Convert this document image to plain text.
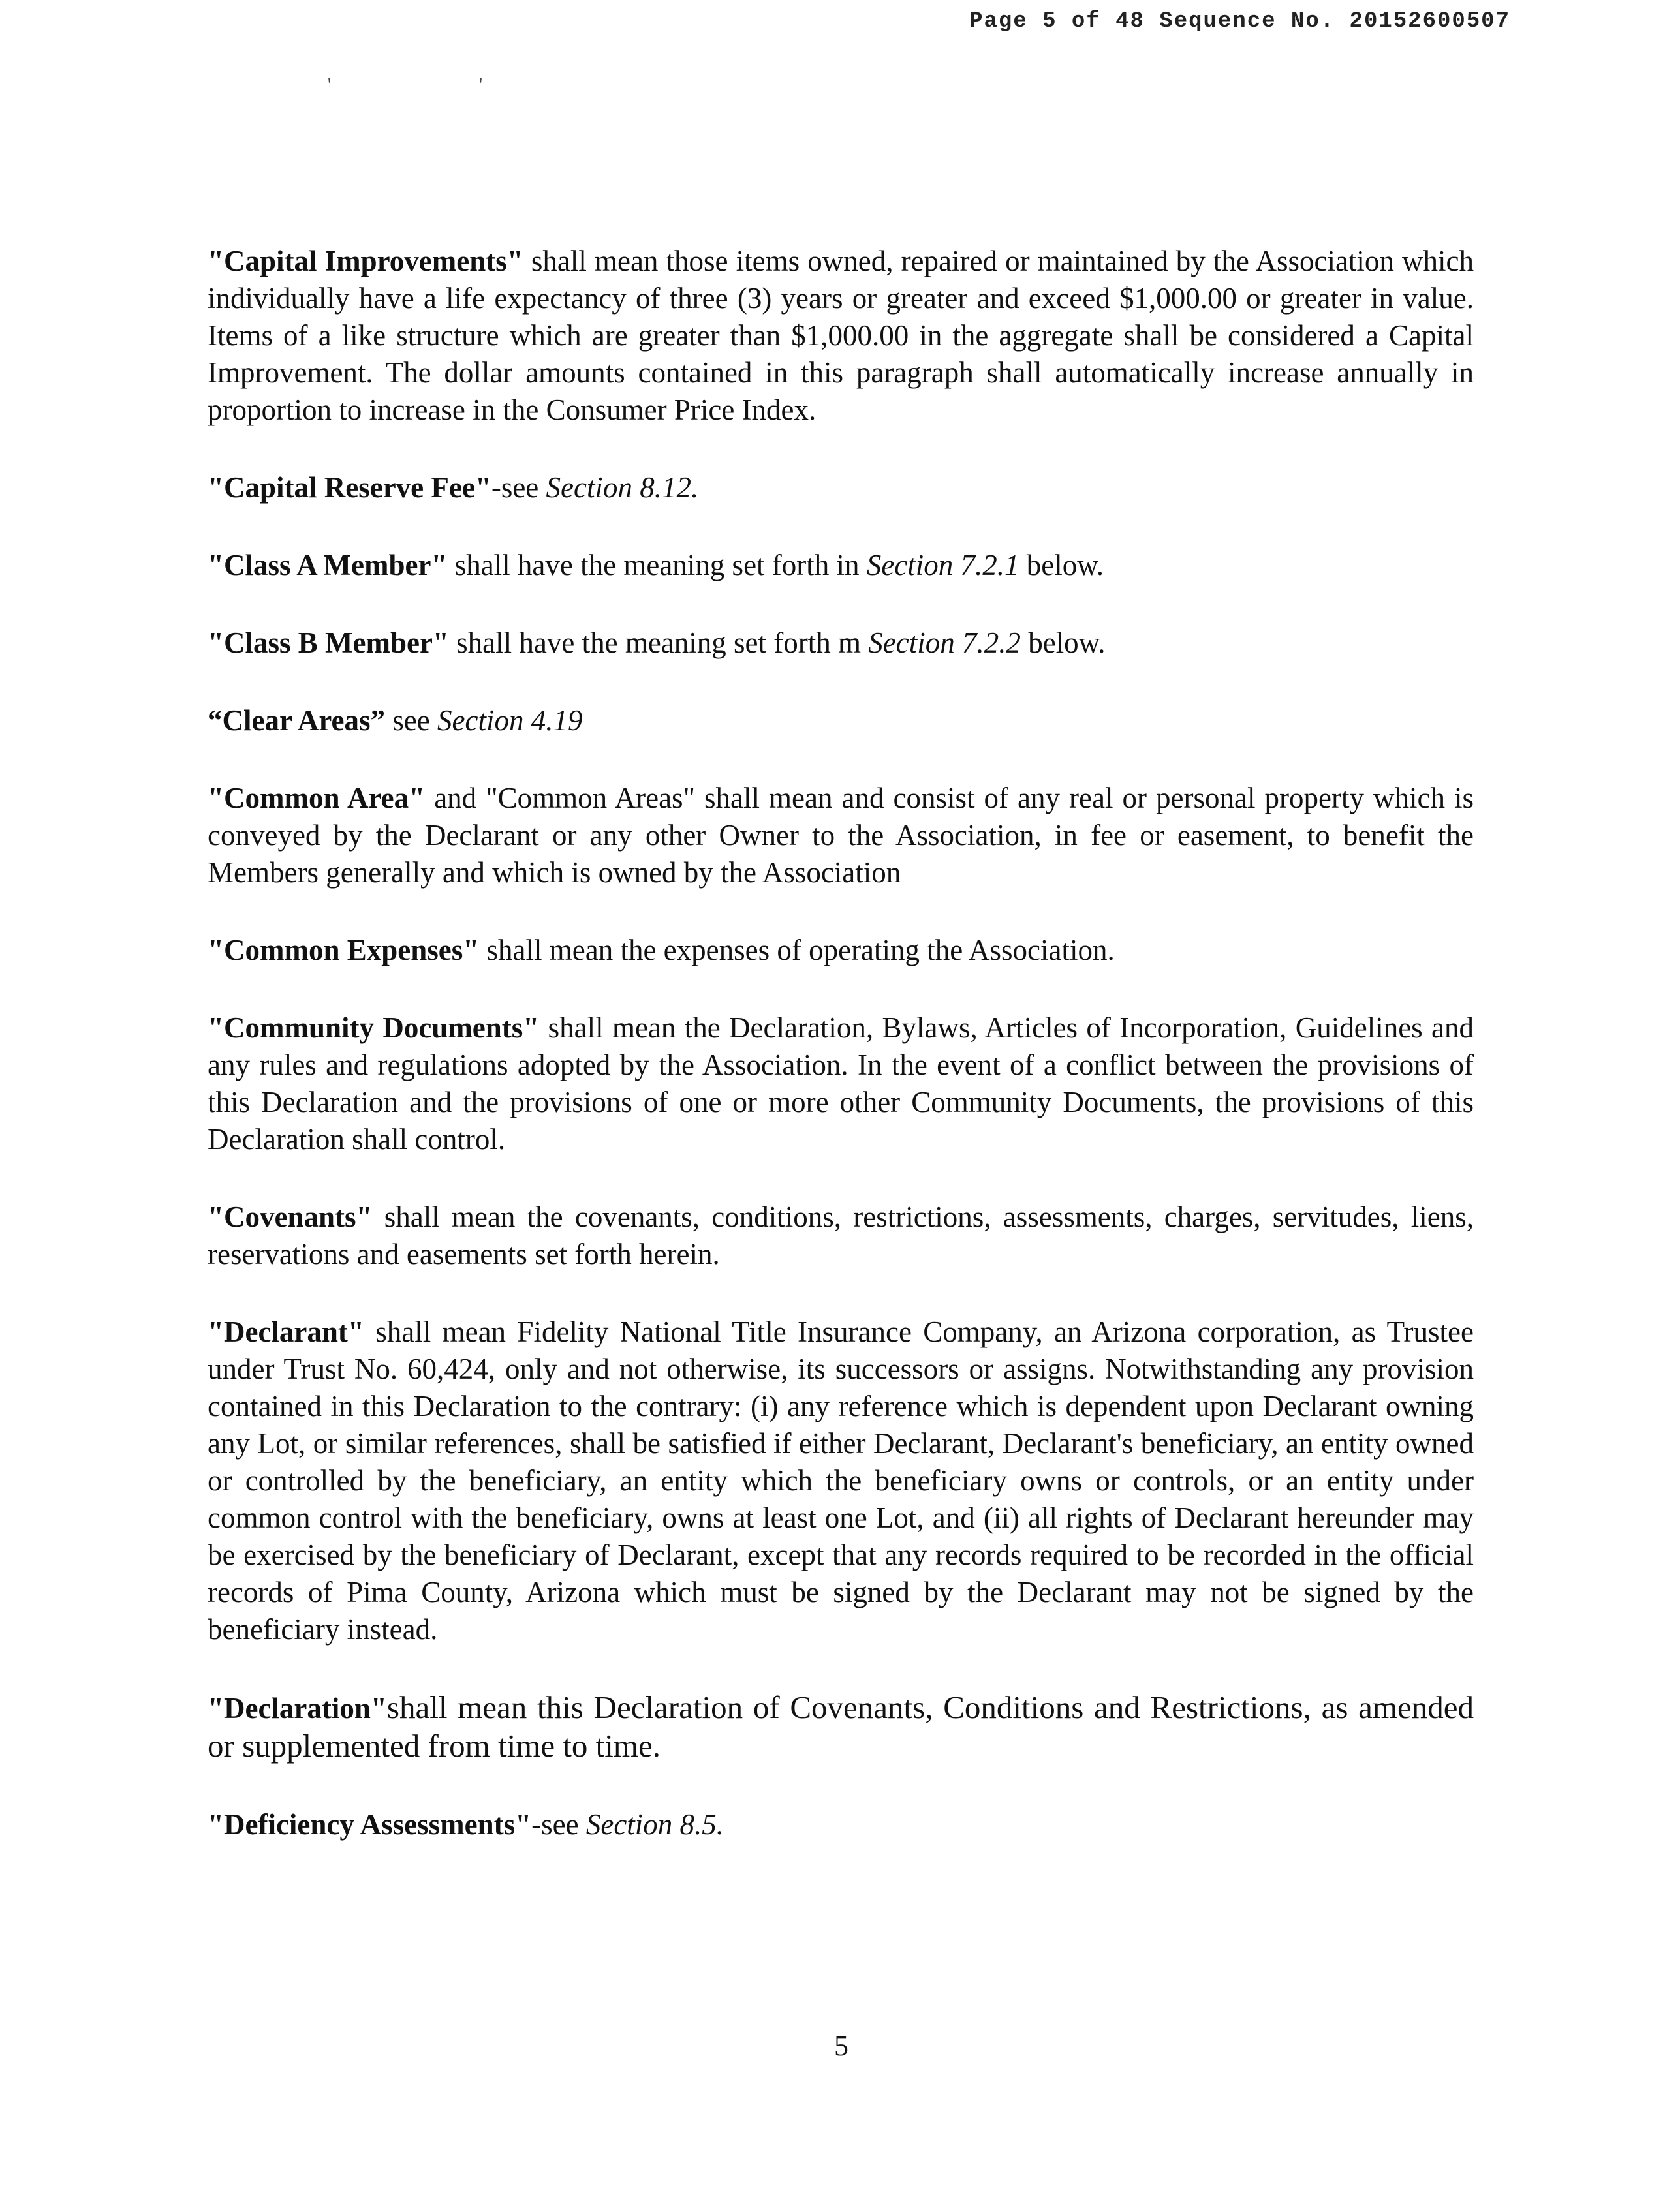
Page 5 of 48 Sequence No. 20152600507
' '

"Capital Improvements" shall mean those items owned, repaired or maintained by the Association which individually have a life expectancy of three (3) years or greater and exceed $1,000.00 or greater in value. Items of a like structure which are greater than $1,000.00 in the aggregate shall be considered a Capital Improvement. The dollar amounts contained in this paragraph shall automatically increase annually in proportion to increase in the Consumer Price Index.

"Capital Reserve Fee"-see Section 8.12.

"Class A Member" shall have the meaning set forth in Section 7.2.1 below.

"Class B Member" shall have the meaning set forth m Section 7.2.2 below.

“Clear Areas” see Section 4.19

"Common Area" and "Common Areas" shall mean and consist of any real or personal property which is conveyed by the Declarant or any other Owner to the Association, in fee or easement, to benefit the Members generally and which is owned by the Association

"Common Expenses" shall mean the expenses of operating the Association.

"Community Documents" shall mean the Declaration, Bylaws, Articles of Incorporation, Guidelines and any rules and regulations adopted by the Association. In the event of a conflict between the provisions of this Declaration and the provisions of one or more other Community Documents, the provisions of this Declaration shall control.

"Covenants" shall mean the covenants, conditions, restrictions, assessments, charges, servitudes, liens, reservations and easements set forth herein.

"Declarant" shall mean Fidelity National Title Insurance Company, an Arizona corporation, as Trustee under Trust No. 60,424, only and not otherwise, its successors or assigns. Notwithstanding any provision contained in this Declaration to the contrary: (i) any reference which is dependent upon Declarant owning any Lot, or similar references, shall be satisfied if either Declarant, Declarant's beneficiary, an entity owned or controlled by the beneficiary, an entity which the beneficiary owns or controls, or an entity under common control with the beneficiary, owns at least one Lot, and (ii) all rights of Declarant hereunder may be exercised by the beneficiary of Declarant, except that any records required to be recorded in the official records of Pima County, Arizona which must be signed by the Declarant may not be signed by the beneficiary instead.

"Declaration"shall mean this Declaration of Covenants, Conditions and Restrictions, as amended or supplemented from time to time.

"Deficiency Assessments"-see Section 8.5.

5
